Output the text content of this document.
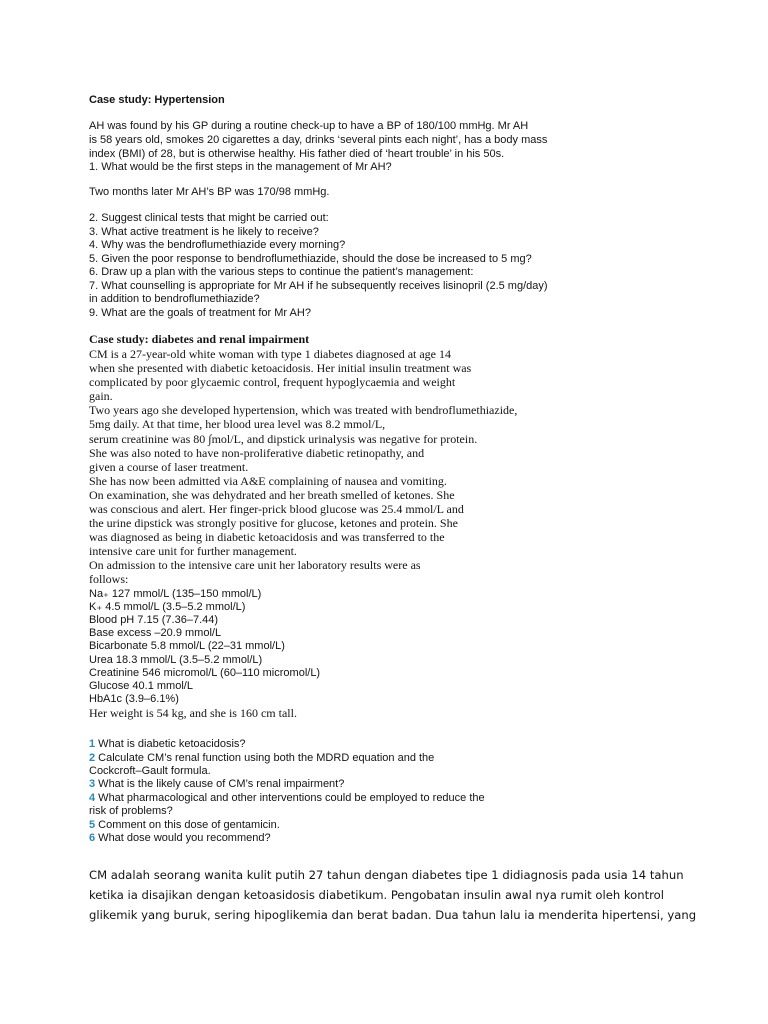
Case study: Hypertension
AH was found by his GP during a routine check-up to have a BP of 180/100 mmHg. Mr AH
is 58 years old, smokes 20 cigarettes a day, drinks ‘several pints each night’, has a body mass
index (BMI) of 28, but is otherwise healthy. His father died of ‘heart trouble’ in his 50s.
1. What would be the first steps in the management of Mr AH?
Two months later Mr AH’s BP was 170/98 mmHg.
2. Suggest clinical tests that might be carried out:
3. What active treatment is he likely to receive?
4. Why was the bendroflumethiazide every morning?
5. Given the poor response to bendroflumethiazide, should the dose be increased to 5 mg?
6. Draw up a plan with the various steps to continue the patient’s management:
7. What counselling is appropriate for Mr AH if he subsequently receives lisinopril (2.5 mg/day)
in addition to bendroflumethiazide?
9. What are the goals of treatment for Mr AH?
Case study: diabetes and renal impairment
CM is a 27-year-old white woman with type 1 diabetes diagnosed at age 14
when she presented with diabetic ketoacidosis. Her initial insulin treatment was
complicated by poor glycaemic control, frequent hypoglycaemia and weight
gain.
Two years ago she developed hypertension, which was treated with bendroflumethiazide,
5mg daily. At that time, her blood urea level was 8.2 mmol/L,
serum creatinine was 80 ∫mol/L, and dipstick urinalysis was negative for protein.
She was also noted to have non-proliferative diabetic retinopathy, and
given a course of laser treatment.
She has now been admitted via A&E complaining of nausea and vomiting.
On examination, she was dehydrated and her breath smelled of ketones. She
was conscious and alert. Her finger-prick blood glucose was 25.4 mmol/L and
the urine dipstick was strongly positive for glucose, ketones and protein. She
was diagnosed as being in diabetic ketoacidosis and was transferred to the
intensive care unit for further management.
On admission to the intensive care unit her laboratory results were as
follows:
Na₊ 127 mmol/L (135–150 mmol/L)
K₊ 4.5 mmol/L (3.5–5.2 mmol/L)
Blood pH 7.15 (7.36–7.44)
Base excess –20.9 mmol/L
Bicarbonate 5.8 mmol/L (22–31 mmol/L)
Urea 18.3 mmol/L (3.5–5.2 mmol/L)
Creatinine 546 micromol/L (60–110 micromol/L)
Glucose 40.1 mmol/L
HbA1c (3.9–6.1%)
Her weight is 54 kg, and she is 160 cm tall.
1 What is diabetic ketoacidosis?
2 Calculate CM’s renal function using both the MDRD equation and the
Cockcroft–Gault formula.
3 What is the likely cause of CM’s renal impairment?
4 What pharmacological and other interventions could be employed to reduce the
risk of problems?
5 Comment on this dose of gentamicin.
6 What dose would you recommend?
CM adalah seorang wanita kulit putih 27 tahun dengan diabetes tipe 1 didiagnosis pada usia 14 tahun
ketika ia disajikan dengan ketoasidosis diabetikum. Pengobatan insulin awal nya rumit oleh kontrol
glikemik yang buruk, sering hipoglikemia dan berat badan. Dua tahun lalu ia menderita hipertensi, yang
